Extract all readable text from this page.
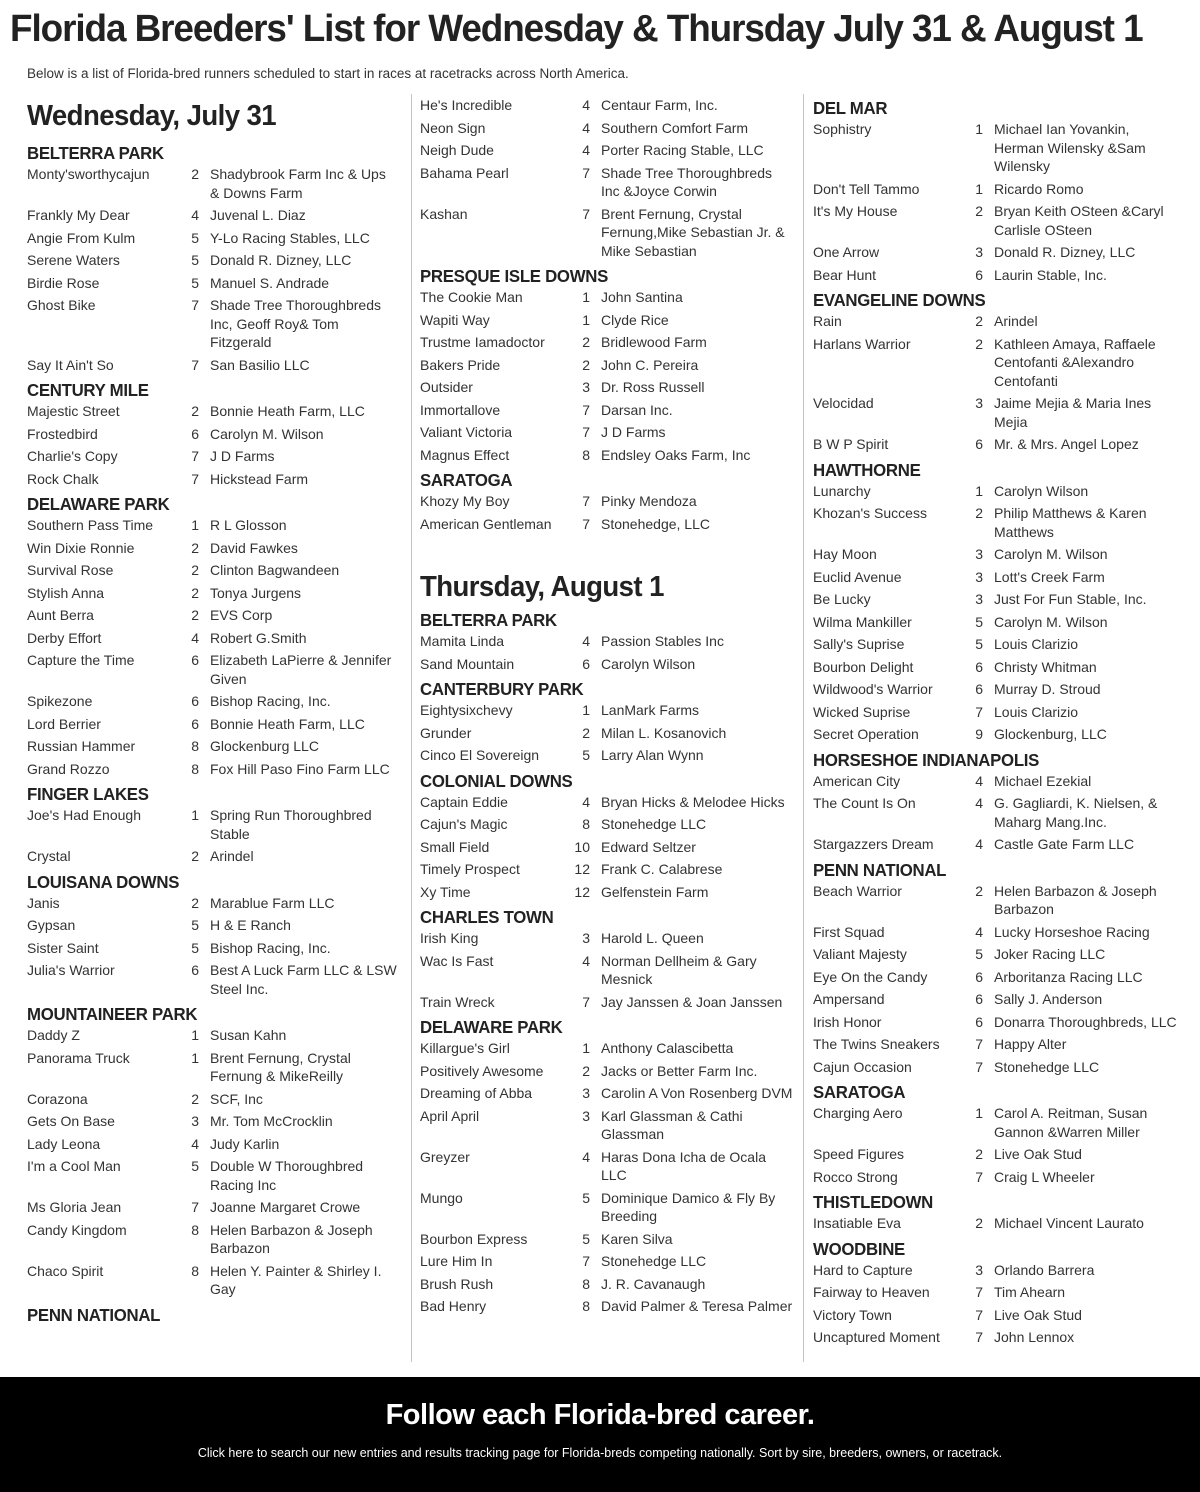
Florida Breeders' List for Wednesday & Thursday July 31 & August 1
Below is a list of Florida-bred runners scheduled to start in races at racetracks across North America.
Wednesday, July 31
BELTERRA PARK
Monty'sworthycajun	2 Shadybrook Farm Inc & Ups & Downs Farm
Frankly My Dear	4 Juvenal L. Diaz
Angie From Kulm	5 Y-Lo Racing Stables, LLC
Serene Waters	5 Donald R. Dizney, LLC
Birdie Rose	5 Manuel S. Andrade
Ghost Bike	7 Shade Tree Thoroughbreds Inc, Geoff Roy& Tom Fitzgerald
Say It Ain't So	7 San Basilio LLC
CENTURY MILE
Majestic Street	2 Bonnie Heath Farm, LLC
Frostedbird	6 Carolyn M. Wilson
Charlie's Copy	7 J D Farms
Rock Chalk	7 Hickstead Farm
DELAWARE PARK
Southern Pass Time	1 R L Glosson
Win Dixie Ronnie	2 David Fawkes
Survival Rose	2 Clinton Bagwandeen
Stylish Anna	2 Tonya Jurgens
Aunt Berra	2 EVS Corp
Derby Effort	4 Robert G.Smith
Capture the Time	6 Elizabeth LaPierre & Jennifer Given
Spikezone	6 Bishop Racing, Inc.
Lord Berrier	6 Bonnie Heath Farm, LLC
Russian Hammer	8 Glockenburg LLC
Grand Rozzo	8 Fox Hill Paso Fino Farm LLC
FINGER LAKES
Joe's Had Enough	1 Spring Run Thoroughbred Stable
Crystal	2 Arindel
LOUISANA DOWNS
Janis	2 Marablue Farm LLC
Gypsan	5 H & E Ranch
Sister Saint	5 Bishop Racing, Inc.
Julia's Warrior	6 Best A Luck Farm LLC & LSW Steel Inc.
MOUNTAINEER PARK
Daddy Z	1 Susan Kahn
Panorama Truck	1 Brent Fernung, Crystal Fernung & MikeReilly
Corazona	2 SCF, Inc
Gets On Base	3 Mr. Tom McCrocklin
Lady Leona	4 Judy Karlin
I'm a Cool Man	5 Double W Thoroughbred Racing Inc
Ms Gloria Jean	7 Joanne Margaret Crowe
Candy Kingdom	8 Helen Barbazon & Joseph Barbazon
Chaco Spirit	8 Helen Y. Painter & Shirley I. Gay
PENN NATIONAL
He's Incredible	4 Centaur Farm, Inc.
Neon Sign	4 Southern Comfort Farm
Neigh Dude	4 Porter Racing Stable, LLC
Bahama Pearl	7 Shade Tree Thoroughbreds Inc &Joyce Corwin
Kashan	7 Brent Fernung, Crystal Fernung,Mike Sebastian Jr. & Mike Sebastian
PRESQUE ISLE DOWNS
The Cookie Man	1 John Santina
Wapiti Way	1 Clyde Rice
Trustme Iamadoctor	2 Bridlewood Farm
Bakers Pride	2 John C. Pereira
Outsider	3 Dr. Ross Russell
Immortallove	7 Darsan Inc.
Valiant Victoria	7 J D Farms
Magnus Effect	8 Endsley Oaks Farm, Inc
SARATOGA
Khozy My Boy	7 Pinky Mendoza
American Gentleman	7 Stonehedge, LLC
Thursday, August 1
BELTERRA PARK
Mamita Linda	4 Passion Stables Inc
Sand Mountain	6 Carolyn Wilson
CANTERBURY PARK
Eightysixchevy	1 LanMark Farms
Grunder	2 Milan L. Kosanovich
Cinco El Sovereign	5 Larry Alan Wynn
COLONIAL DOWNS
Captain Eddie	4 Bryan Hicks & Melodee Hicks
Cajun's Magic	8 Stonehedge LLC
Small Field	10 Edward Seltzer
Timely Prospect	12 Frank C. Calabrese
Xy Time	12 Gelfenstein Farm
CHARLES TOWN
Irish King	3 Harold L. Queen
Wac Is Fast	4 Norman Dellheim & Gary Mesnick
Train Wreck	7 Jay Janssen & Joan Janssen
DELAWARE PARK
Killargue's Girl	1 Anthony Calascibetta
Positively Awesome	2 Jacks or Better Farm Inc.
Dreaming of Abba	3 Carolin A Von Rosenberg DVM
April April	3 Karl Glassman & Cathi Glassman
Greyzer	4 Haras Dona Icha de Ocala LLC
Mungo	5 Dominique Damico & Fly By Breeding
Bourbon Express	5 Karen Silva
Lure Him In	7 Stonehedge LLC
Brush Rush	8 J. R. Cavanaugh
Bad Henry	8 David Palmer & Teresa Palmer
DEL MAR
Sophistry	1 Michael Ian Yovankin, Herman Wilensky &Sam Wilensky
Don't Tell Tammo	1 Ricardo Romo
It's My House	2 Bryan Keith OSteen &Caryl Carlisle OSteen
One Arrow	3 Donald R. Dizney, LLC
Bear Hunt	6 Laurin Stable, Inc.
EVANGELINE DOWNS
Rain	2 Arindel
Harlans Warrior	2 Kathleen Amaya, Raffaele Centofanti &Alexandro Centofanti
Velocidad	3 Jaime Mejia & Maria Ines Mejia
B W P Spirit	6 Mr. & Mrs. Angel Lopez
HAWTHORNE
Lunarchy	1 Carolyn Wilson
Khozan's Success	2 Philip Matthews & Karen Matthews
Hay Moon	3 Carolyn M. Wilson
Euclid Avenue	3 Lott's Creek Farm
Be Lucky	3 Just For Fun Stable, Inc.
Wilma Mankiller	5 Carolyn M. Wilson
Sally's Suprise	5 Louis Clarizio
Bourbon Delight	6 Christy Whitman
Wildwood's Warrior	6 Murray D. Stroud
Wicked Suprise	7 Louis Clarizio
Secret Operation	9 Glockenburg, LLC
HORSESHOE INDIANAPOLIS
American City	4 Michael Ezekial
The Count Is On	4 G. Gagliardi, K. Nielsen, & Maharg Mang.Inc.
Stargazzers Dream	4 Castle Gate Farm LLC
PENN NATIONAL
Beach Warrior	2 Helen Barbazon & Joseph Barbazon
First Squad	4 Lucky Horseshoe Racing
Valiant Majesty	5 Joker Racing LLC
Eye On the Candy	6 Arboritanza Racing LLC
Ampersand	6 Sally J. Anderson
Irish Honor	6 Donarra Thoroughbreds, LLC
The Twins Sneakers	7 Happy Alter
Cajun Occasion	7 Stonehedge LLC
SARATOGA
Charging Aero	1 Carol A. Reitman, Susan Gannon &Warren Miller
Speed Figures	2 Live Oak Stud
Rocco Strong	7 Craig L Wheeler
THISTLEDOWN
Insatiable Eva	2 Michael Vincent Laurato
WOODBINE
Hard to Capture	3 Orlando Barrera
Fairway to Heaven	7 Tim Ahearn
Victory Town	7 Live Oak Stud
Uncaptured Moment	7 John Lennox
Follow each Florida-bred career.
Click here to search our new entries and results tracking page for Florida-breds competing nationally. Sort by sire, breeders, owners, or racetrack.
